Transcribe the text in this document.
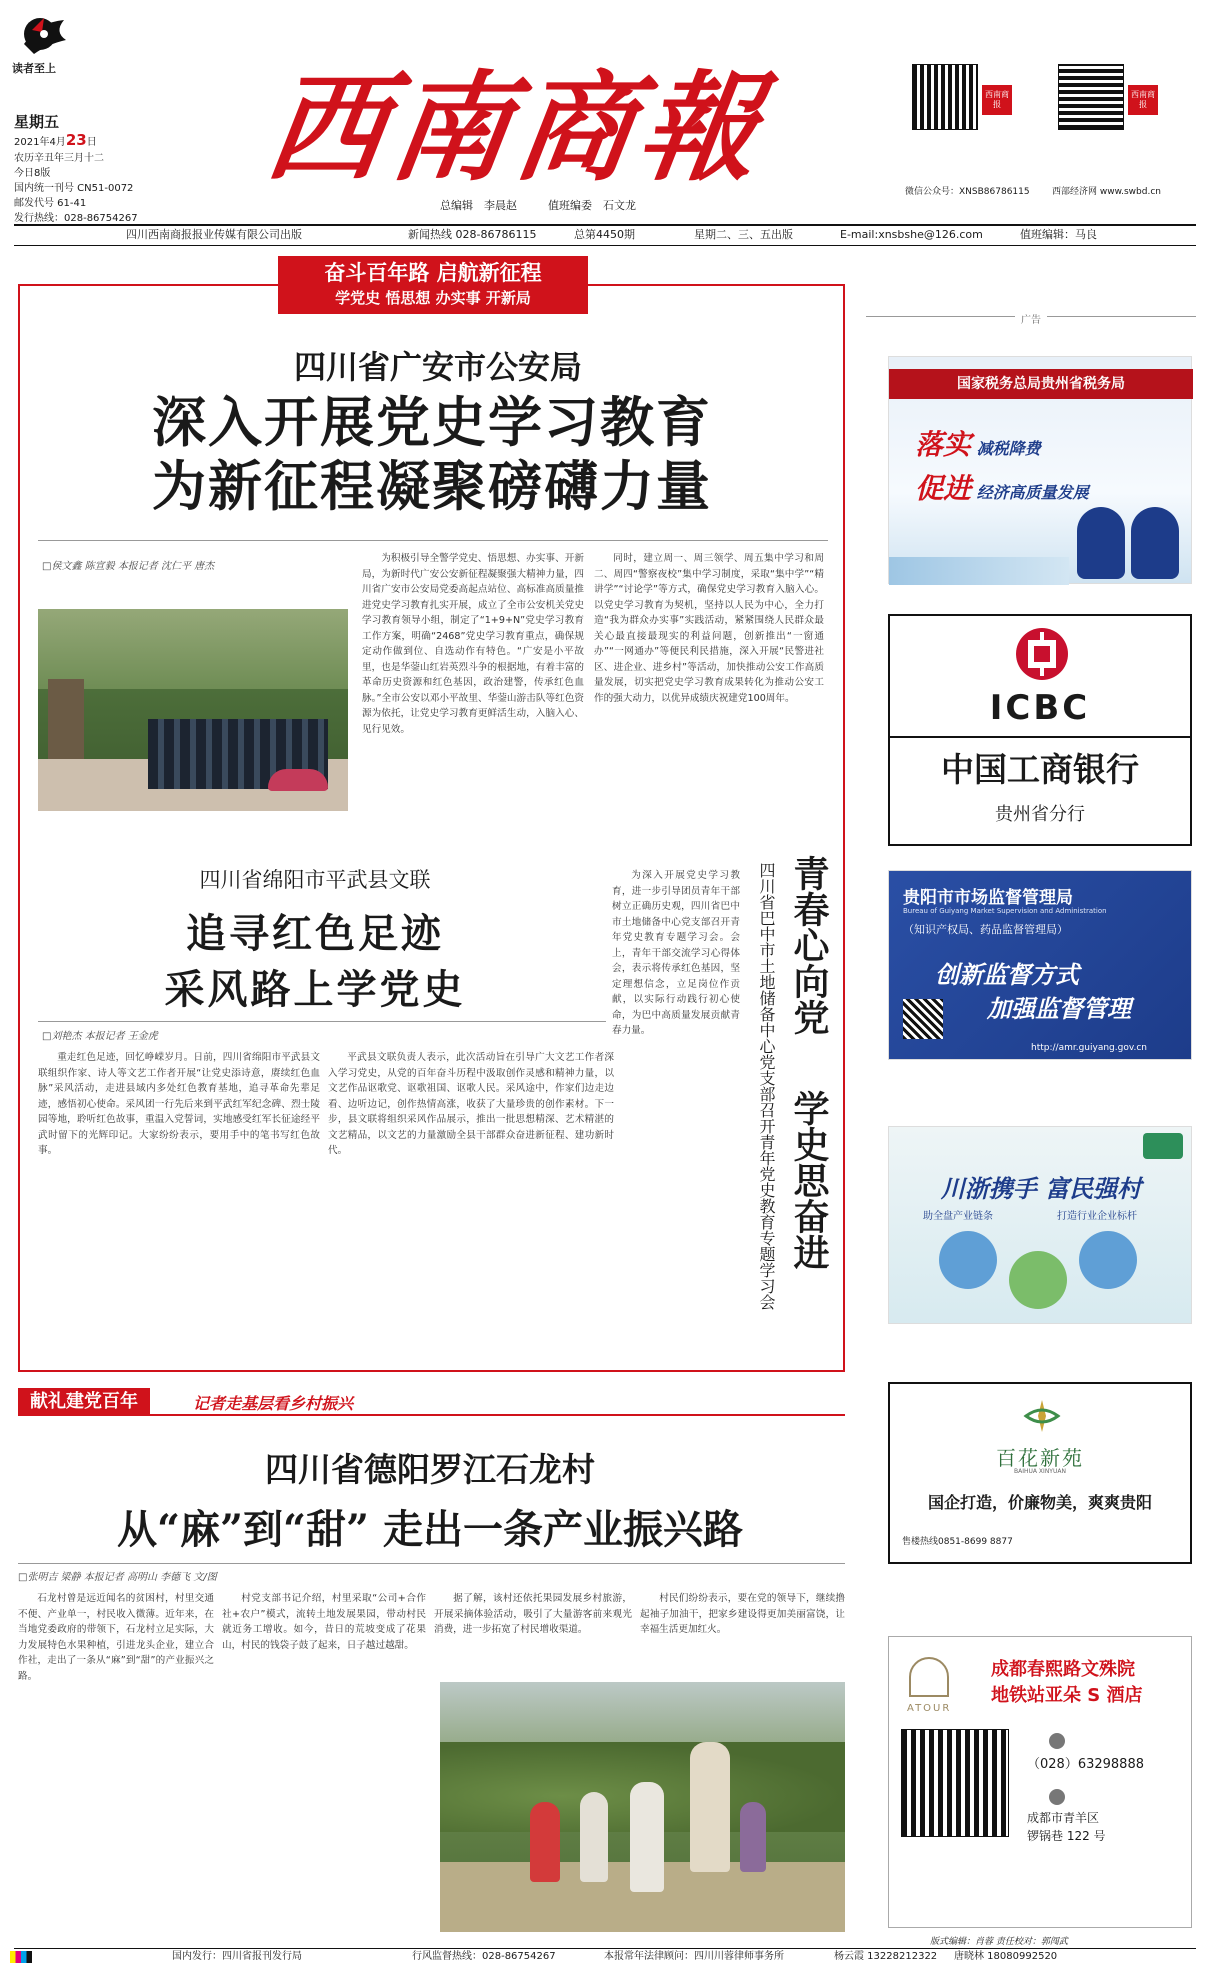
读者至上
星期五
2021年4月23日
农历辛丑年三月十二
今日8版
国内统一刊号 CN51-0072
邮发代号 61-41
发行热线：028-86754267
西南商報
总编辑　李晨赵	值班编委　石文龙
西南商报
西南商报
微信公众号：XNSB86786115 西部经济网 www.swbd.cn
四川西南商报报业传媒有限公司出版	新闻热线 028-86786115	总第4450期	星期二、三、五出版	E-mail:xnsbshe@126.com	值班编辑：马良
奋斗百年路 启航新征程
学党史 悟思想 办实事 开新局
四川省广安市公安局
深入开展党史学习教育
为新征程凝聚磅礴力量
□侯文鑫 陈宣毅 本报记者 沈仁平 唐杰

为积极引导全警学党史、悟思想、办实事、开新局，为新时代广安公安新征程凝聚强大精神力量，四川省广安市公安局党委高起点站位、高标准高质量推进党史学习教育扎实开展，成立了全市公安机关党史学习教育领导小组，制定了“1+9+N”党史学习教育工作方案，明确“2468”党史学习教育重点，确保规定动作做到位、自选动作有特色。“广安是小平故里，也是华蓥山红岩英烈斗争的根据地，有着丰富的革命历史资源和红色基因，政治建警，传承红色血脉。”全市公安以邓小平故里、华蓥山游击队等红色资源为依托，让党史学习教育更鲜活生动，入脑入心、见行见效。

同时，建立周一、周三领学、周五集中学习和周二、周四“警察夜校”集中学习制度，采取“集中学”“精讲学”“讨论学”等方式，确保党史学习教育入脑入心。以党史学习教育为契机，坚持以人民为中心，全力打造“我为群众办实事”实践活动，紧紧围绕人民群众最关心最直接最现实的利益问题，创新推出“一窗通办”“一网通办”等便民利民措施，深入开展“民警进社区、进企业、进乡村”等活动，加快推动公安工作高质量发展，切实把党史学习教育成果转化为推动公安工作的强大动力，以优异成绩庆祝建党100周年。

四川省绵阳市平武县文联
追寻红色足迹
采风路上学党史
□刘艳杰 本报记者 王金虎

重走红色足迹，回忆峥嵘岁月。日前，四川省绵阳市平武县文联组织作家、诗人等文艺工作者开展“让党史添诗意，赓续红色血脉”采风活动，走进县域内多处红色教育基地，追寻革命先辈足迹，感悟初心使命。采风团一行先后来到平武红军纪念碑、烈士陵园等地，聆听红色故事，重温入党誓词，实地感受红军长征途经平武时留下的光辉印记。大家纷纷表示，要用手中的笔书写红色故事。

平武县文联负责人表示，此次活动旨在引导广大文艺工作者深入学习党史，从党的百年奋斗历程中汲取创作灵感和精神力量，以文艺作品讴歌党、讴歌祖国、讴歌人民。采风途中，作家们边走边看、边听边记，创作热情高涨，收获了大量珍贵的创作素材。下一步，县文联将组织采风作品展示，推出一批思想精深、艺术精湛的文艺精品，以文艺的力量激励全县干部群众奋进新征程、建功新时代。

为深入开展党史学习教育，进一步引导团员青年干部树立正确历史观，四川省巴中市土地储备中心党支部召开青年党史教育专题学习会。会上，青年干部交流学习心得体会，表示将传承红色基因，坚定理想信念，立足岗位作贡献，以实际行动践行初心使命，为巴中高质量发展贡献青春力量。	四川省巴中市土地储备中心党支部召开青年党史教育专题学习会 青春心向党
学史思奋进
献礼建党百年	记者走基层看乡村振兴
四川省德阳罗江石龙村
从“麻”到“甜” 走出一条产业振兴路
□张明吉 梁静 本报记者 高明山 李德飞 文/图

石龙村曾是远近闻名的贫困村，村里交通不便、产业单一，村民收入微薄。近年来，在当地党委政府的带领下，石龙村立足实际，大力发展特色水果种植，引进龙头企业，建立合作社，走出了一条从“麻”到“甜”的产业振兴之路。

村党支部书记介绍，村里采取“公司+合作社+农户”模式，流转土地发展果园，带动村民就近务工增收。如今，昔日的荒坡变成了花果山，村民的钱袋子鼓了起来，日子越过越甜。

据了解，该村还依托果园发展乡村旅游，开展采摘体验活动，吸引了大量游客前来观光消费，进一步拓宽了村民增收渠道。

村民们纷纷表示，要在党的领导下，继续撸起袖子加油干，把家乡建设得更加美丽富饶，让幸福生活更加红火。

$^{广告}$
国家税务总局贵州省税务局
落实 减税降费
促进 经济高质量发展
ICBC
中国工商银行
贵州省分行
贵阳市市场监督管理局
Bureau of Guiyang Market Supervision and Administration
（知识产权局、药品监督管理局）
创新监督方式
加强监督管理
http://amr.guiyang.gov.cn
川浙携手 富民强村
助全盘产业链条	打造行业企业标杆
百花新苑
BAIHUA XINYUAN
国企打造，价廉物美，爽爽贵阳
售楼热线0851-8699 8877
ATOUR
成都春熙路文殊院
地铁站亚朵 S 酒店
（028）63298888
成都市青羊区
锣锅巷 122 号
版式编辑：肖蓉 责任校对：郭闯武
国内发行：四川省报刊发行局	行风监督热线：028-86754267	本报常年法律顾问：四川川蓉律师事务所	杨云霞 13228212322 唐晓林 18080992520
